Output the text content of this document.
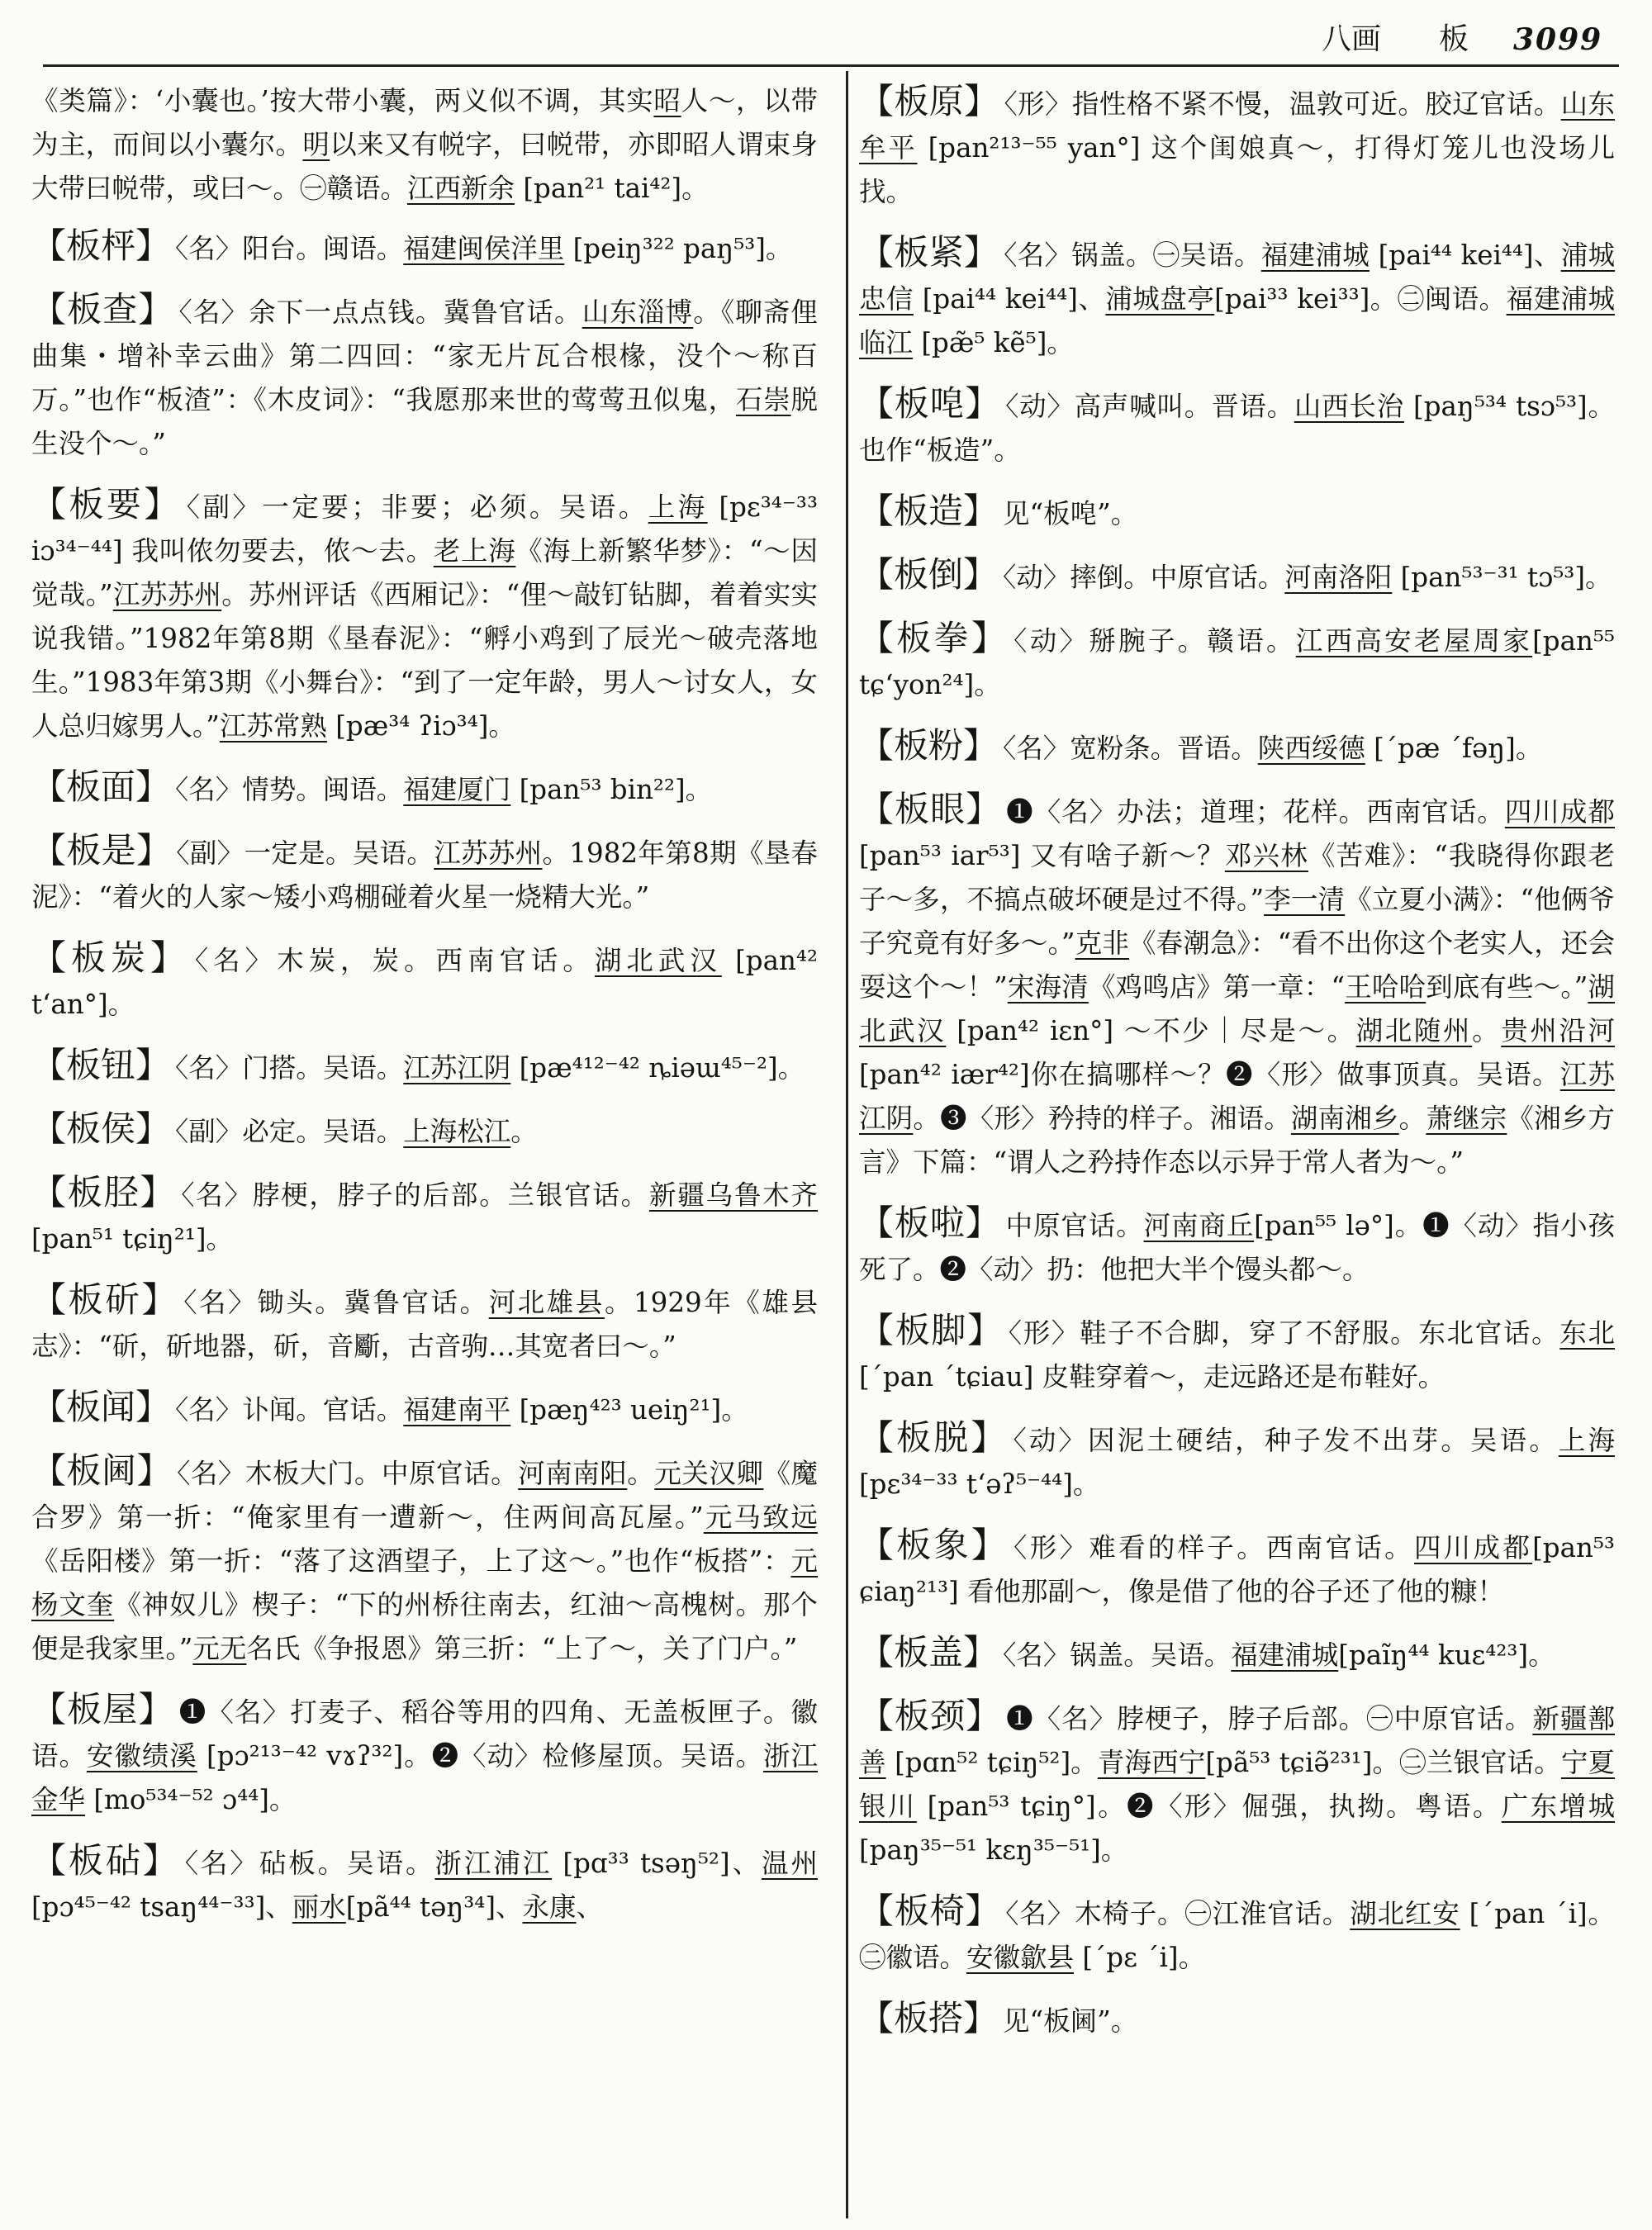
八画 板 3099

《类篇》：‘小囊也。’按大带小囊，两义似不调，其实昭人～，以带为主，而间以小囊尔。明以来又有帨字，曰帨带，亦即昭人谓束身大带曰帨带，或曰～。㊀赣语。江西新余 [pan²¹ tai⁴²]。

【板枰】 〈名〉阳台。闽语。福建闽侯洋里 [peiŋ³²² paŋ⁵³]。

【板查】 〈名〉余下一点点钱。冀鲁官话。山东淄博。《聊斋俚曲集・增补幸云曲》第二四回：“家无片瓦合根椽，没个～称百万。”也作“板渣”：《木皮词》：“我愿那来世的莺莺丑似鬼，石崇脱生没个～。”

【板要】 〈副〉一定要；非要；必须。吴语。上海 [pɛ³⁴⁻³³ iɔ³⁴⁻⁴⁴] 我叫侬勿要去，侬～去。老上海《海上新繁华梦》：“～因觉哉。”江苏苏州。苏州评话《西厢记》：“俚～敲钉钻脚，着着实实说我错。”1982年第8期《垦春泥》：“孵小鸡到了辰光～破壳落地生。”1983年第3期《小舞台》：“到了一定年龄，男人～讨女人，女人总归嫁男人。”江苏常熟 [pæ³⁴ ʔiɔ³⁴]。

【板面】 〈名〉情势。闽语。福建厦门 [pan⁵³ bin²²]。

【板是】 〈副〉一定是。吴语。江苏苏州。1982年第8期《垦春泥》：“着火的人家～矮小鸡棚碰着火星一烧精大光。”

【板炭】 〈名〉木炭，炭。西南官话。湖北武汉 [pan⁴² tʻan°]。

【板钮】 〈名〉门搭。吴语。江苏江阴 [pæ⁴¹²⁻⁴² ȵiəɯ⁴⁵⁻²]。

【板侯】 〈副〉必定。吴语。上海松江。

【板胫】 〈名〉脖梗，脖子的后部。兰银官话。新疆乌鲁木齐 [pan⁵¹ tɕiŋ²¹]。

【板斫】 〈名〉锄头。冀鲁官话。河北雄县。1929年《雄县志》：“斫，斫地器，斫，音斸，古音驹…其宽者曰～。”

【板闻】 〈名〉讣闻。官话。福建南平 [pæŋ⁴²³ ueiŋ²¹]。

【板阃】 〈名〉木板大门。中原官话。河南南阳。元关汉卿《魔合罗》第一折：“俺家里有一遭新～，住两间高瓦屋。”元马致远《岳阳楼》第一折：“落了这酒望子，上了这～。”也作“板搭”：元杨文奎《神奴儿》楔子：“下的州桥往南去，红油～高槐树。那个便是我家里。”元无名氏《争报恩》第三折：“上了～，关了门户。”

【板屋】 ❶〈名〉打麦子、稻谷等用的四角、无盖板匣子。徽语。安徽绩溪 [pɔ²¹³⁻⁴² vɤʔ³²]。❷〈动〉检修屋顶。吴语。浙江金华 [mo⁵³⁴⁻⁵² ɔ⁴⁴]。

【板砧】 〈名〉砧板。吴语。浙江浦江 [pɑ³³ tsəŋ⁵²]、温州 [pɔ⁴⁵⁻⁴² tsaŋ⁴⁴⁻³³]、丽水[pã⁴⁴ təŋ³⁴]、永康、

【板原】 〈形〉指性格不紧不慢，温敦可近。胶辽官话。山东牟平 [pan²¹³⁻⁵⁵ yan°] 这个闺娘真～，打得灯笼儿也没场儿找。

【板紧】 〈名〉锅盖。㊀吴语。福建浦城 [pai⁴⁴ kei⁴⁴]、浦城忠信 [pai⁴⁴ kei⁴⁴]、浦城盘亭[pai³³ kei³³]。㊁闽语。福建浦城临江 [pæ̃⁵ kẽ⁵]。

【板唣】 〈动〉高声喊叫。晋语。山西长治 [paŋ⁵³⁴ tsɔ⁵³]。也作“板造”。

【板造】 见“板唣”。

【板倒】 〈动〉摔倒。中原官话。河南洛阳 [pan⁵³⁻³¹ tɔ⁵³]。

【板拳】 〈动〉掰腕子。赣语。江西高安老屋周家[pan⁵⁵ tɕʻyon²⁴]。

【板粉】 〈名〉宽粉条。晋语。陕西绥德 [ˊpæ ˊfəŋ]。

【板眼】 ❶〈名〉办法；道理；花样。西南官话。四川成都 [pan⁵³ iar⁵³] 又有啥子新～？邓兴林《苦难》：“我晓得你跟老子～多，不搞点破坏硬是过不得。”李一清《立夏小满》：“他俩爷子究竟有好多～。”克非《春潮急》：“看不出你这个老实人，还会耍这个～！”宋海清《鸡鸣店》第一章：“王哈哈到底有些～。”湖北武汉 [pan⁴² iɛn°] ～不少｜尽是～。湖北随州。贵州沿河[pan⁴² iær⁴²]你在搞哪样～？❷〈形〉做事顶真。吴语。江苏江阴。❸〈形〉矜持的样子。湘语。湖南湘乡。萧继宗《湘乡方言》下篇：“谓人之矜持作态以示异于常人者为～。”

【板啦】 中原官话。河南商丘[pan⁵⁵ lə°]。❶〈动〉指小孩死了。❷〈动〉扔：他把大半个馒头都～。

【板脚】 〈形〉鞋子不合脚，穿了不舒服。东北官话。东北[ˊpan ˊtɕiau] 皮鞋穿着～，走远路还是布鞋好。

【板脱】 〈动〉因泥土硬结，种子发不出芽。吴语。上海 [pɛ³⁴⁻³³ tʻəʔ⁵⁻⁴⁴]。

【板象】 〈形〉难看的样子。西南官话。四川成都[pan⁵³ ɕiaŋ²¹³] 看他那副～，像是借了他的谷子还了他的糠！

【板盖】 〈名〉锅盖。吴语。福建浦城[paĩŋ⁴⁴ kuɛ⁴²³]。

【板颈】 ❶〈名〉脖梗子，脖子后部。㊀中原官话。新疆鄯善 [pɑn⁵² tɕiŋ⁵²]。青海西宁[pã⁵³ tɕiə̃²³¹]。㊁兰银官话。宁夏银川 [pan⁵³ tɕiŋ°]。❷〈形〉倔强，执拗。粤语。广东增城 [paŋ³⁵⁻⁵¹ kɛŋ³⁵⁻⁵¹]。

【板椅】 〈名〉木椅子。㊀江淮官话。湖北红安 [ˊpan ˊi]。㊁徽语。安徽歙县 [ˊpɛ ˊi]。

【板搭】 见“板阃”。
